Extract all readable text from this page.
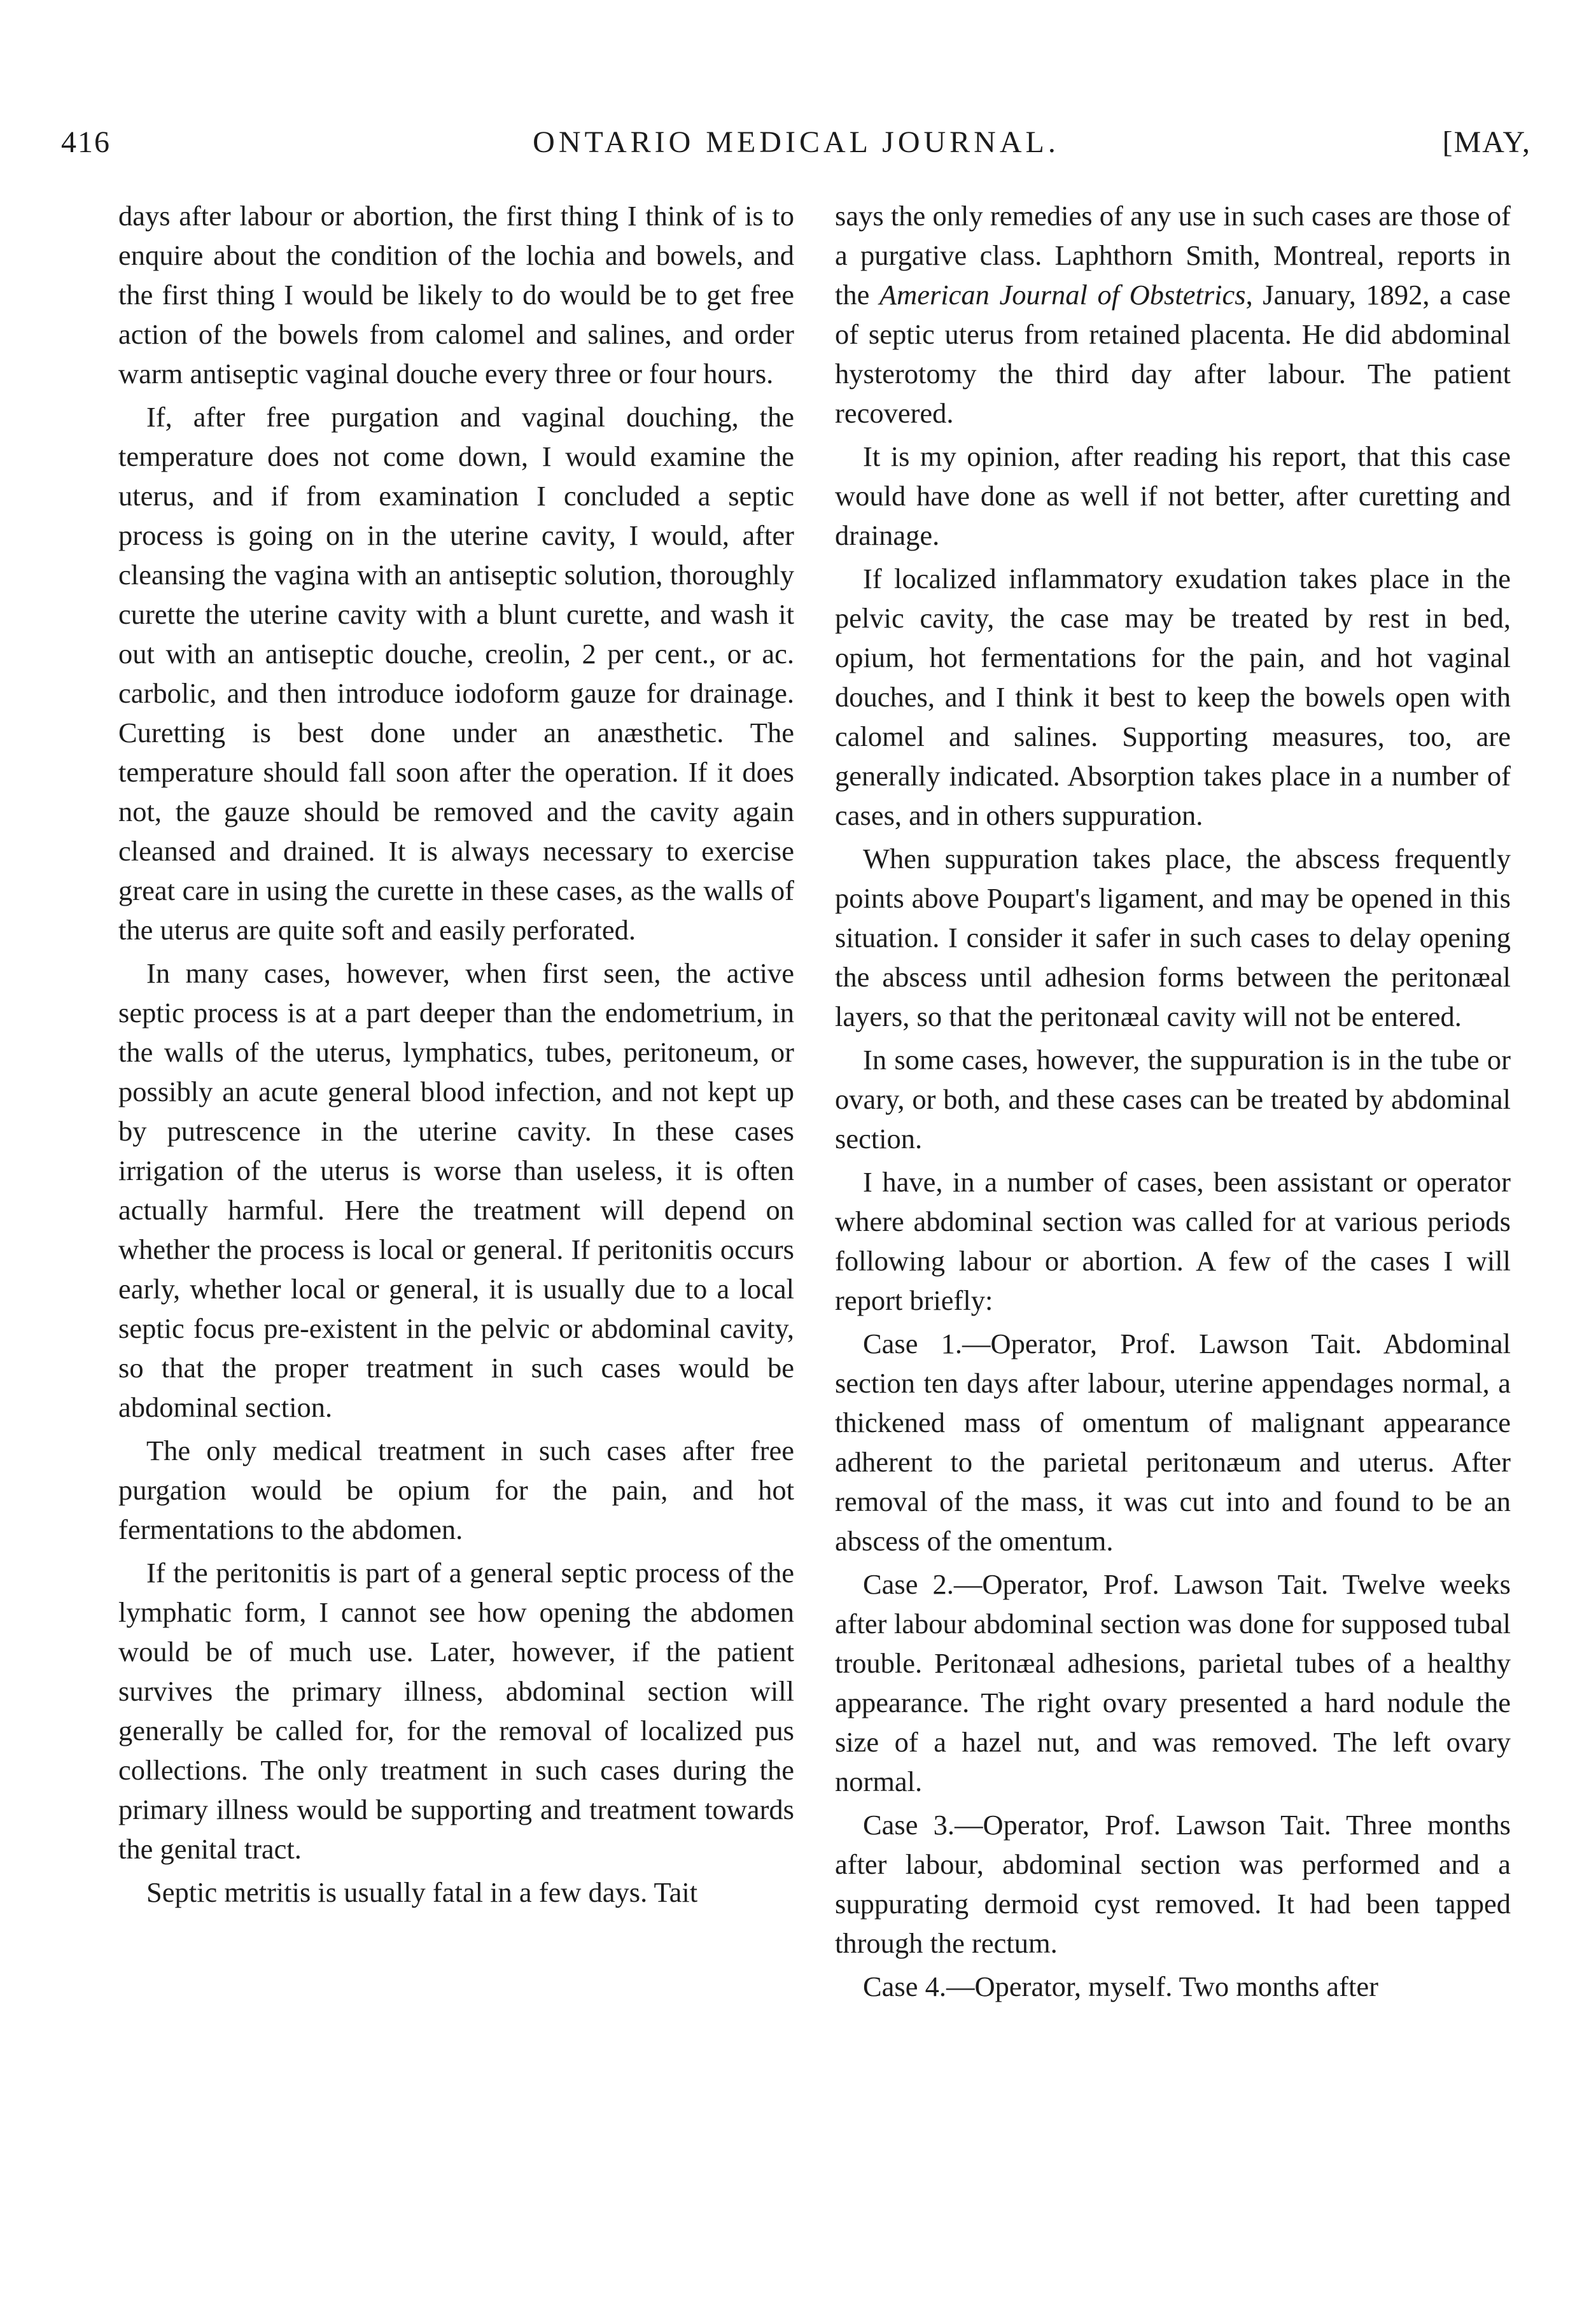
416	ONTARIO MEDICAL JOURNAL.	[MAY,

days after labour or abortion, the first thing I think of is to enquire about the condition of the lochia and bowels, and the first thing I would be likely to do would be to get free action of the bowels from calomel and salines, and order warm antiseptic vaginal douche every three or four hours.

If, after free purgation and vaginal douching, the temperature does not come down, I would examine the uterus, and if from examination I concluded a septic process is going on in the uterine cavity, I would, after cleansing the vagina with an antiseptic solution, thoroughly curette the uterine cavity with a blunt curette, and wash it out with an antiseptic douche, creolin, 2 per cent., or ac. carbolic, and then introduce iodoform gauze for drainage. Curetting is best done under an anæsthetic. The temperature should fall soon after the operation. If it does not, the gauze should be removed and the cavity again cleansed and drained. It is always necessary to exercise great care in using the curette in these cases, as the walls of the uterus are quite soft and easily perforated.

In many cases, however, when first seen, the active septic process is at a part deeper than the endometrium, in the walls of the uterus, lymphatics, tubes, peritoneum, or possibly an acute general blood infection, and not kept up by putrescence in the uterine cavity. In these cases irrigation of the uterus is worse than useless, it is often actually harmful. Here the treatment will depend on whether the process is local or general. If peritonitis occurs early, whether local or general, it is usually due to a local septic focus pre-existent in the pelvic or abdominal cavity, so that the proper treatment in such cases would be abdominal section.

The only medical treatment in such cases after free purgation would be opium for the pain, and hot fermentations to the abdomen.

If the peritonitis is part of a general septic process of the lymphatic form, I cannot see how opening the abdomen would be of much use. Later, however, if the patient survives the primary illness, abdominal section will generally be called for, for the removal of localized pus collections. The only treatment in such cases during the primary illness would be supporting and treatment towards the genital tract.

Septic metritis is usually fatal in a few days. Tait

says the only remedies of any use in such cases are those of a purgative class. Laphthorn Smith, Montreal, reports in the American Journal of Obstetrics, January, 1892, a case of septic uterus from retained placenta. He did abdominal hysterotomy the third day after labour. The patient recovered.

It is my opinion, after reading his report, that this case would have done as well if not better, after curetting and drainage.

If localized inflammatory exudation takes place in the pelvic cavity, the case may be treated by rest in bed, opium, hot fermentations for the pain, and hot vaginal douches, and I think it best to keep the bowels open with calomel and salines. Supporting measures, too, are generally indicated. Absorption takes place in a number of cases, and in others suppuration.

When suppuration takes place, the abscess frequently points above Poupart's ligament, and may be opened in this situation. I consider it safer in such cases to delay opening the abscess until adhesion forms between the peritonæal layers, so that the peritonæal cavity will not be entered.

In some cases, however, the suppuration is in the tube or ovary, or both, and these cases can be treated by abdominal section.

I have, in a number of cases, been assistant or operator where abdominal section was called for at various periods following labour or abortion. A few of the cases I will report briefly:

Case 1.—Operator, Prof. Lawson Tait. Abdominal section ten days after labour, uterine appendages normal, a thickened mass of omentum of malignant appearance adherent to the parietal peritonæum and uterus. After removal of the mass, it was cut into and found to be an abscess of the omentum.

Case 2.—Operator, Prof. Lawson Tait. Twelve weeks after labour abdominal section was done for supposed tubal trouble. Peritonæal adhesions, parietal tubes of a healthy appearance. The right ovary presented a hard nodule the size of a hazel nut, and was removed. The left ovary normal.

Case 3.—Operator, Prof. Lawson Tait. Three months after labour, abdominal section was performed and a suppurating dermoid cyst removed. It had been tapped through the rectum.

Case 4.—Operator, myself. Two months after
